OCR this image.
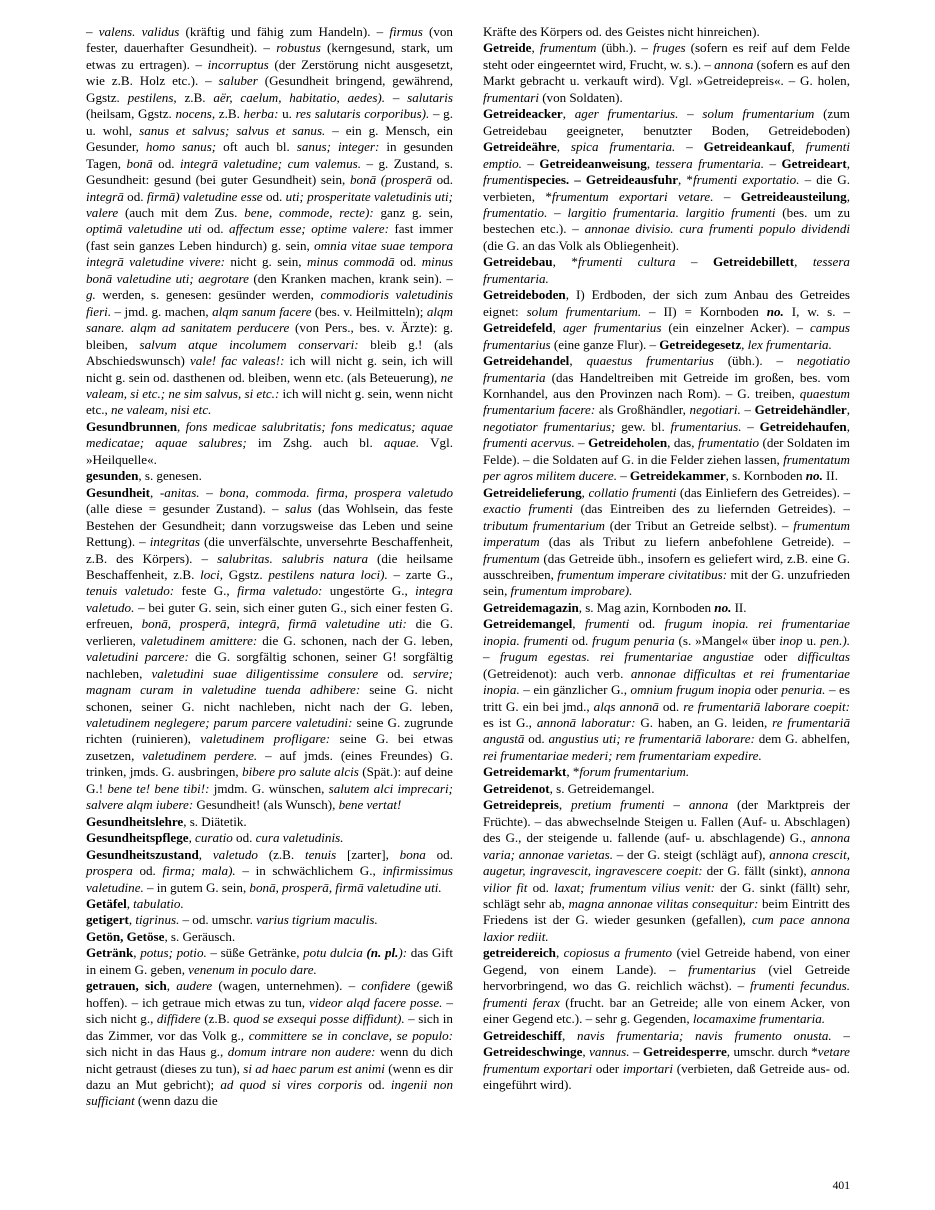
– valens. validus (kräftig und fähig zum Handeln). – firmus (von fester, dauerhafter Gesundheit). – robustus (kerngesund, stark, um etwas zu ertragen). – incorruptus (der Zerstörung nicht ausgesetzt, wie z.B. Holz etc.). – saluber (Gesundheit bringend, gewährend, Ggstz. pestilens, z.B. aër, caelum, habitatio, aedes). – salutaris (heilsam, Ggstz. nocens, z.B. herba: u. res salutaris corporibus). – g. u. wohl, sanus et salvus; salvus et sanus. – ein g. Mensch, ein Gesunder, homo sanus; oft auch bl. sanus; integer: in gesunden Tagen, bonā od. integrā valetudine; cum valemus. – g. Zustand, s. Gesundheit: gesund (bei guter Gesundheit) sein, bonā (prosperā od. integrā od. firmā) valetudine esse od. uti; prosperitate valetudinis uti; valere (auch mit dem Zus. bene, commode, recte): ganz g. sein, optimā valetudine uti od. affectum esse; optime valere: fast immer (fast sein ganzes Leben hindurch) g. sein, omnia vitae suae tempora integrā valetudine vivere: nicht g. sein, minus commodā od. minus bonā valetudine uti; aegrotare (den Kranken machen, krank sein). – g. werden, s. genesen: gesünder werden, commodioris valetudinis fieri. – jmd. g. machen, alqm sanum facere (bes. v. Heilmitteln); alqm sanare. alqm ad sanitatem perducere (von Pers., bes. v. Ärzte): g. bleiben, salvum atque incolumem conservari: bleib g.! (als Abschiedswunsch) vale! fac valeas!: ich will nicht g. sein, ich will nicht g. sein od. dasthenen od. bleiben, wenn etc. (als Beteuerung), ne valeam, si etc.; ne sim salvus, si etc.: ich will nicht g. sein, wenn nicht etc., ne valeam, nisi etc.

Gesundbrunnen, fons medicae salubritatis; fons medicatus; aquae medicatae; aquae salubres; im Zshg. auch bl. aquae. Vgl. »Heilquelle«.

gesunden, s. genesen.

Gesundheit, -anitas. – bona, commoda. firma, prospera valetudo (alle diese = gesunder Zustand). – salus (das Wohlsein, das feste Bestehen der Gesundheit; dann vorzugsweise das Leben und seine Rettung). – integritas (die unverfälschte, unversehrte Beschaffenheit, z.B. des Körpers). – salubritas. salubris natura (die heilsame Beschaffenheit, z.B. loci, Ggstz. pestilens natura loci). – zarte G., tenuis valetudo: feste G., firma valetudo: ungestörte G., integra valetudo. – bei guter G. sein, sich einer guten G., sich einer festen G. erfreuen, bonā, prosperā, integrā, firmā valetudine uti: die G. verlieren, valetudinem amittere: die G. schonen, nach der G. leben, valetudini parcere: die G. sorgfältig schonen, seiner G! sorgfältig nachleben, valetudini suae diligentissime consulere od. servire; magnam curam in valetudine tuenda adhibere: seine G. nicht schonen, seiner G. nicht nachleben, nicht nach der G. leben, valetudinem neglegere; parum parcere valetudini: seine G. zugrunde richten (ruinieren), valetudinem profligare: seine G. bei etwas zusetzen, valetudinem perdere. – auf jmds. (eines Freundes) G. trinken, jmds. G. ausbringen, bibere pro salute alcis (Spät.): auf deine G.! bene te! bene tibi!: jmdm. G. wünschen, salutem alci imprecari; salvere alqm iubere: Gesundheit! (als Wunsch), bene vertat!

Gesundheitslehre, s. Diätetik.

Gesundheitspflege, curatio od. cura valetudinis.

Gesundheitszustand, valetudo (z.B. tenuis [zarter], bona od. prospera od. firma; mala). – in schwächlichem G., infirmissimus valetudine. – in gutem G. sein, bonā, prosperā, firmā valetudine uti.

Getäfel, tabulatio.

getigert, tigrinus. – od. umschr. varius tigrium maculis.

Getön, Getöse, s. Geräusch.

Getränk, potus; potio. – süße Getränke, potu dulcia (n. pl.): das Gift in einem G. geben, venenum in poculo dare.

getrauen, sich, audere (wagen, unternehmen). – confidere (gewiß hoffen). – ich getraue mich etwas zu tun, videor alqd facere posse. – sich nicht g., diffidere (z.B. quod se exsequi posse diffidunt). – sich in das Zimmer, vor das Volk g., committere se in conclave, se populo: sich nicht in das Haus g., domum intrare non audere: wenn du dich nicht getraust (dieses zu tun), si ad haec parum est animi (wenn es dir dazu an Mut gebricht); ad quod si vires corporis od. ingenii non sufficiant (wenn dazu die

Kräfte des Körpers od. des Geistes nicht hinreichen).

Getreide, frumentum (übh.). – fruges (sofern es reif auf dem Felde steht oder eingeerntet wird, Frucht, w. s.). – annona (sofern es auf den Markt gebracht u. verkauft wird). Vgl. »Getreidepreis«. – G. holen, frumentari (von Soldaten).

Getreideacker, ager frumentarius. – solum frumentarium (zum Getreidebau geeigneter, benutzter Boden, Getreideboden) Getreideähre, spica frumentaria. – Getreideankauf, frumenti emptio. – Getreideanweisung, tessera frumentaria. – Getreideart, frumentispecies. – Getreideausfuhr, *frumenti exportatio. – die G. verbieten, *frumentum exportari vetare. – Getreideausteilung, frumentatio. – largitio frumentaria. largitio frumenti (bes. um zu bestechen etc.). – annonae divisio. cura frumenti populo dividendi (die G. an das Volk als Obliegenheit).

Getreidebau, *frumenti cultura – Getreidebillett, tessera frumentaria.

Getreideboden, I) Erdboden, der sich zum Anbau des Getreides eignet: solum frumentarium. – II) = Kornboden no. I, w. s. – Getreidefeld, ager frumentarius (ein einzelner Acker). – campus frumentarius (eine ganze Flur). – Getreidegesetz, lex frumentaria.

Getreidehandel, quaestus frumentarius (übh.). – negotiatio frumentaria (das Handeltreiben mit Getreide im großen, bes. vom Kornhandel, aus den Provinzen nach Rom). – G. treiben, quaestum frumentarium facere: als Großhändler, negotiari. – Getreidehändler, negotiator frumentarius; gew. bl. frumentarius. – Getreidehaufen, frumenti acervus. – Getreideholen, das, frumentatio (der Soldaten im Felde). – die Soldaten auf G. in die Felder ziehen lassen, frumentatum per agros militem ducere. – Getreidekammer, s. Kornboden no. II.

Getreidelieferung, collatio frumenti (das Einliefern des Getreides). – exactio frumenti (das Eintreiben des zu liefernden Getreides). – tributum frumentarium (der Tribut an Getreide selbst). – frumentum imperatum (das als Tribut zu liefern anbefohlene Getreide). – frumentum (das Getreide übh., insofern es geliefert wird, z.B. eine G. ausschreiben, frumentum imperare civitatibus: mit der G. unzufrieden sein, frumentum improbare).

Getreidemagazin, s. Mag azin, Kornboden no. II.

Getreidemangel, frumenti od. frugum inopia. rei frumentariae inopia. frumenti od. frugum penuria (s. »Mangel« über inop u. pen.). – frugum egestas. rei frumentariae angustiae oder difficultas (Getreidenot): auch verb. annonae difficultas et rei frumentariae inopia. – ein gänzlicher G., omnium frugum inopia oder penuria. – es tritt G. ein bei jmd., alqs annonā od. re frumentariā laborare coepit: es ist G., annonā laboratur: G. haben, an G. leiden, re frumentariā angustā od. angustius uti; re frumentariā laborare: dem G. abhelfen, rei frumentariae mederi; rem frumentariam expedire.

Getreidemarkt, *forum frumentarium.

Getreidenot, s. Getreidemangel.

Getreidepreis, pretium frumenti – annona (der Marktpreis der Früchte). – das abwechselnde Steigen u. Fallen (Auf- u. Abschlagen) des G., der steigende u. fallende (auf- u. abschlagende) G., annona varia; annonae varietas. – der G. steigt (schlägt auf), annona crescit, augetur, ingravescit, ingravescere coepit: der G. fällt (sinkt), annona vilior fit od. laxat; frumentum vilius venit: der G. sinkt (fällt) sehr, schlägt sehr ab, magna annonae vilitas consequitur: beim Eintritt des Friedens ist der G. wieder gesunken (gefallen), cum pace annona laxior rediit.

getreidereich, copiosus a frumento (viel Getreide habend, von einer Gegend, von einem Lande). – frumentarius (viel Getreide hervorbringend, wo das G. reichlich wächst). – frumenti fecundus. frumenti ferax (frucht. bar an Getreide; alle von einem Acker, von einer Gegend etc.). – sehr g. Gegenden, locamaxime frumentaria.

Getreideschiff, navis frumentaria; navis frumento onusta. – Getreideschwinge, vannus. – Getreidesperre, umschr. durch *vetare frumentum exportari oder importari (verbieten, daß Getreide aus- od. eingeführt wird).

401
